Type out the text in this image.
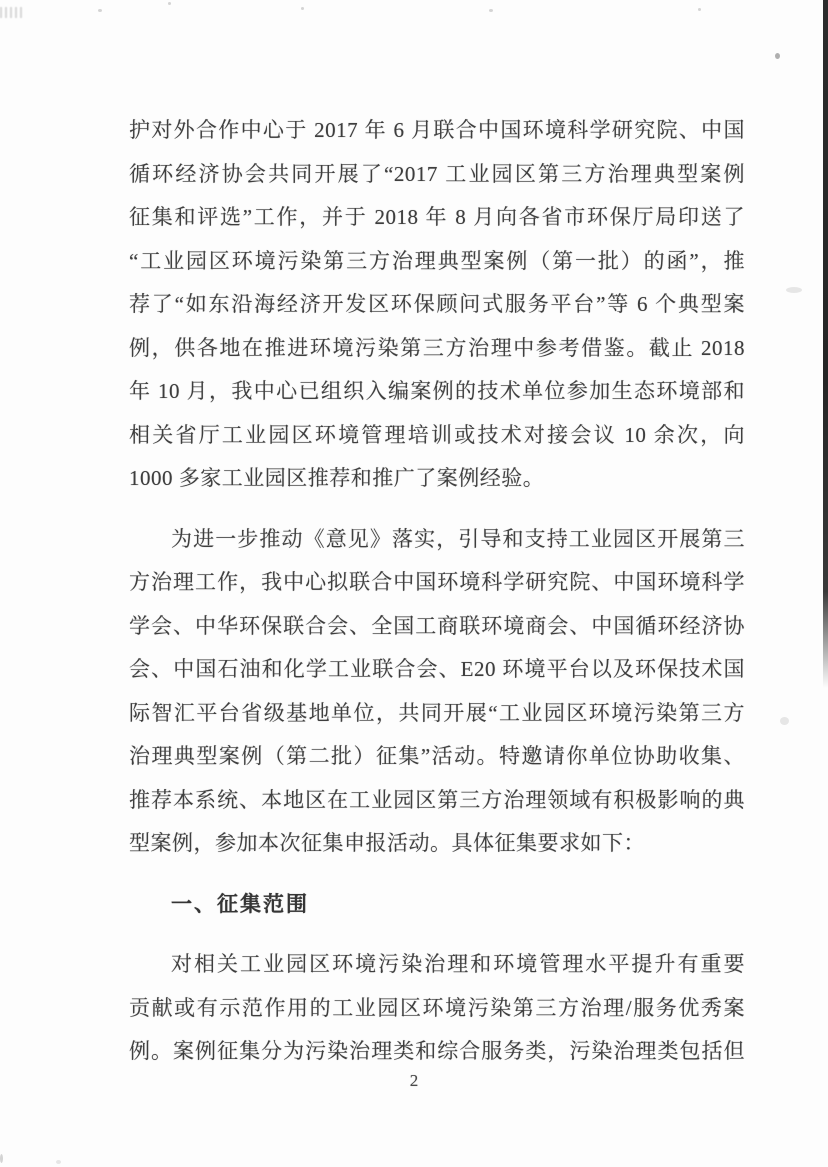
护对外合作中心于 2017 年 6 月联合中国环境科学研究院、中国
循环经济协会共同开展了“2017 工业园区第三方治理典型案例
征集和评选”工作，并于 2018 年 8 月向各省市环保厅局印送了
“工业园区环境污染第三方治理典型案例（第一批）的函”，推
荐了“如东沿海经济开发区环保顾问式服务平台”等 6 个典型案
例，供各地在推进环境污染第三方治理中参考借鉴。截止 2018
年 10 月，我中心已组织入编案例的技术单位参加生态环境部和
相关省厅工业园区环境管理培训或技术对接会议 10 余次，向
1000 多家工业园区推荐和推广了案例经验。
为进一步推动《意见》落实，引导和支持工业园区开展第三
方治理工作，我中心拟联合中国环境科学研究院、中国环境科学
学会、中华环保联合会、全国工商联环境商会、中国循环经济协
会、中国石油和化学工业联合会、E20 环境平台以及环保技术国
际智汇平台省级基地单位，共同开展“工业园区环境污染第三方
治理典型案例（第二批）征集”活动。特邀请你单位协助收集、
推荐本系统、本地区在工业园区第三方治理领域有积极影响的典
型案例，参加本次征集申报活动。具体征集要求如下：
一、征集范围
对相关工业园区环境污染治理和环境管理水平提升有重要
贡献或有示范作用的工业园区环境污染第三方治理/服务优秀案
例。案例征集分为污染治理类和综合服务类，污染治理类包括但
2
